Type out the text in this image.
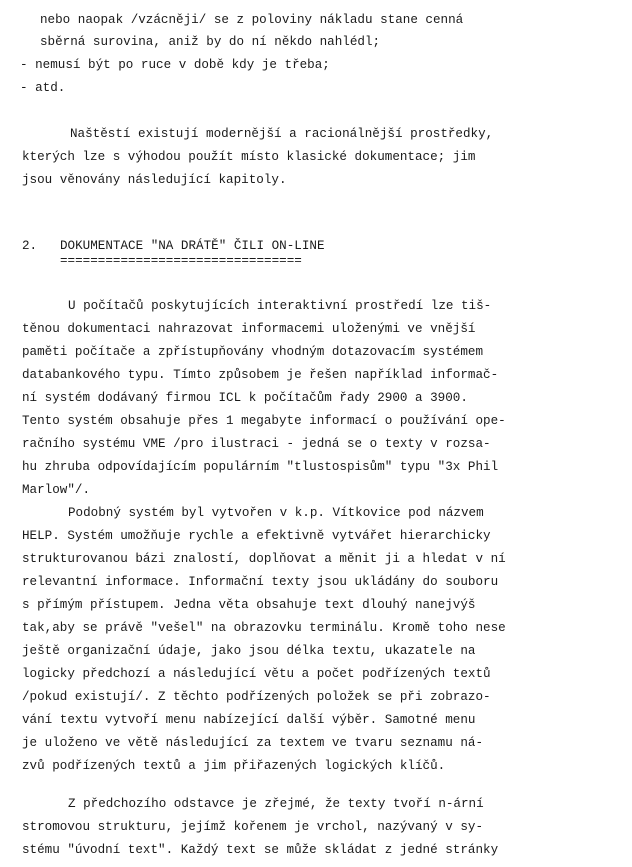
nebo naopak /vzácněji/ se z poloviny nákladu stane cenná
sběrná surovina, aniž by do ní někdo nahlédl;
- nemusí být po ruce v době kdy je třeba;
- atd.
Naštěstí existují modernější a racionálnější prostředky,
kterých lze s výhodou použít místo klasické dokumentace; jim
jsou věnovány následující kapitoly.
2. DOKUMENTACE "NA DRÁTĚ" ČILI ON-LINE
================================
U počítačů poskytujících interaktivní prostředí lze tiš-
těnou dokumentaci nahrazovat informacemi uloženými ve vnější
paměti počítače a zpřístupňovány vhodným dotazovacím systémem
databankového typu. Tímto způsobem je řešen například informač-
ní systém dodávaný firmou ICL k počítačům řady 2900 a 3900.
Tento systém obsahuje přes 1 megabyte informací o používání ope-
račního systému VME /pro ilustraci - jedná se o texty v rozsa-
hu zhruba odpovídajícím populárním "tlustospisům" typu "3x Phil
Marlow"/.
Podobný systém byl vytvořen v k.p. Vítkovice pod názvem
HELP. Systém umožňuje rychle a efektivně vytvářet hierarchicky
strukturovanou bázi znalostí, doplňovat a měnit ji a hledat v ní
relevantní informace. Informační texty jsou ukládány do souboru
s přímým přístupem. Jedna věta obsahuje text dlouhý nanejvýš
tak,aby se právě "vešel" na obrazovku terminálu. Kromě toho nese
ještě organizační údaje, jako jsou délka textu, ukazatele na
logicky předchozí a následující větu a počet podřízených textů
/pokud existují/. Z těchto podřízených položek se při zobrazo-
vání textu vytvoří menu nabízející další výběr. Samotné menu
je uloženo ve větě následující za textem ve tvaru seznamu ná-
zvů podřízených textů a jim přiřazených logických klíčů.
Z předchozího odstavce je zřejmé, že texty tvoří n-ární
stromovou strukturu, jejímž kořenem je vrchol, nazývaný v sy-
stému "úvodní text". Každý text se může skládat z jedné stránky
